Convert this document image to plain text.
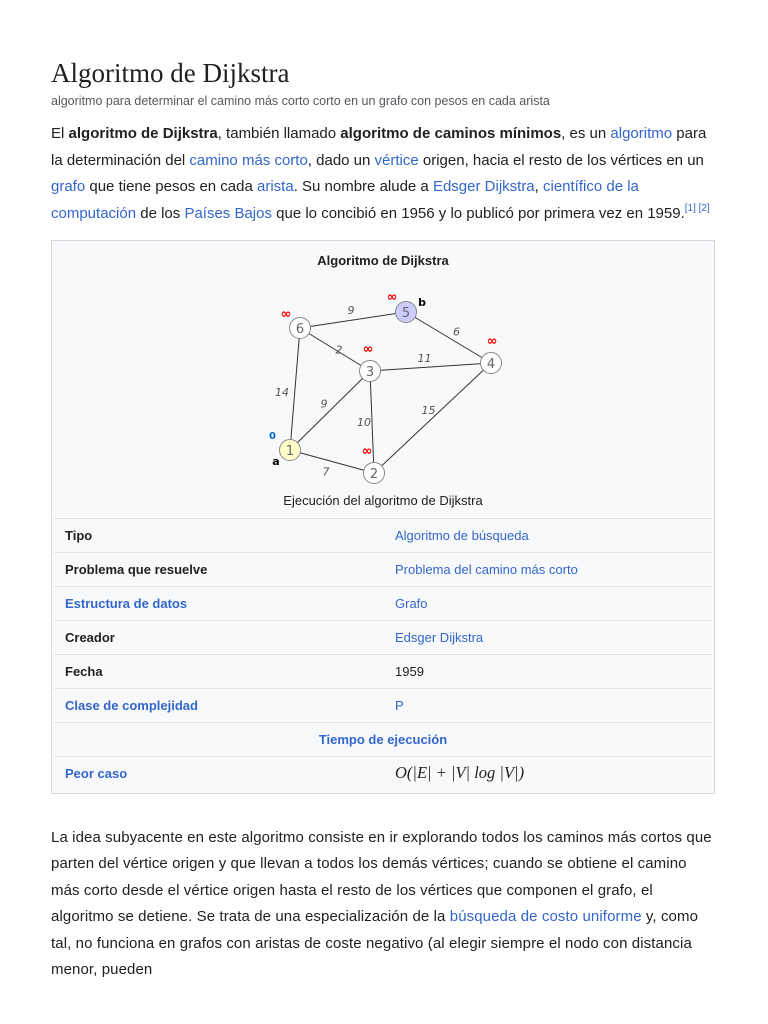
Algoritmo de Dijkstra
algoritmo para determinar el camino más corto corto en un grafo con pesos en cada arista

El algoritmo de Dijkstra, también llamado algoritmo de caminos mínimos, es un algoritmo para la determinación del camino más corto, dado un vértice origen, hacia el resto de los vértices en un grafo que tiene pesos en cada arista. Su nombre alude a Edsger Dijkstra, científico de la computación de los Países Bajos que lo concibió en 1956 y lo publicó por primera vez en 1959.[1] [2]

Algoritmo de Dijkstra
9
2
14
6
11
9
10
15
7
1
0
a
2
∞
3
∞
4
∞
5
∞ b
6
∞
Ejecución del algoritmo de Dijkstra
Tipo	Algoritmo de búsqueda
Problema que resuelve	Problema del camino más corto
Estructura de datos	Grafo
Creador	Edsger Dijkstra
Fecha	1959
Clase de complejidad	P
Tiempo de ejecución
Peor caso	O(|E| + |V| log |V|)

La idea subyacente en este algoritmo consiste en ir explorando todos los caminos más cortos que parten del vértice origen y que llevan a todos los demás vértices; cuando se obtiene el camino más corto desde el vértice origen hasta el resto de los vértices que componen el grafo, el algoritmo se detiene. Se trata de una especialización de la búsqueda de costo uniforme y, como tal, no funciona en grafos con aristas de coste negativo (al elegir siempre el nodo con distancia menor, pueden
